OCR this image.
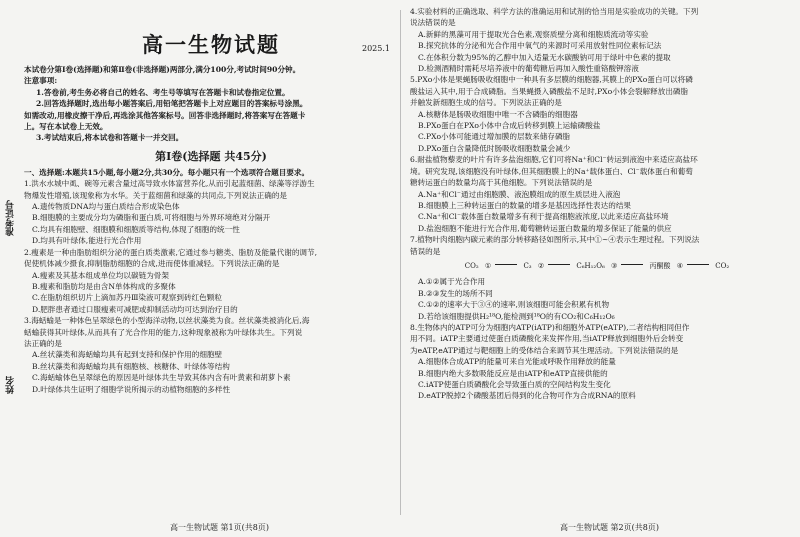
准考证号
姓名
高一生物试题	2025.1
本试卷分第Ⅰ卷(选择题)和第Ⅱ卷(非选择题)两部分,满分100分,考试时间90分钟。
注意事项:
1.答卷前,考生务必将自己的姓名、考生号等填写在答题卡和试卷指定位置。
2.回答选择题时,选出每小题答案后,用铅笔把答题卡上对应题目的答案标号涂黑。
如需改动,用橡皮擦干净后,再选涂其他答案标号。回答非选择题时,将答案写在答题卡
上。写在本试卷上无效。
3.考试结束后,将本试卷和答题卡一并交回。
第Ⅰ卷(选择题 共45分)
一、选择题:本题共15小题,每小题2分,共30分。每小题只有一个选项符合题目要求。
1.洪水水城中虱、碗等元素含量过高导致水体富营养化,从而引起蓝细菌、绿藻等浮游生
物爆发性增殖,该现象称为水华。关于蓝细菌和绿藻的共同点,下列说法正确的是
A.遗传物质DNA均与蛋白质结合形成染色体
B.细胞膜的主要成分均为磷脂和蛋白质,可将细胞与外界环境绝对分隔开
C.均具有细胞壁、细胞膜和细胞质等结构,体现了细胞的统一性
D.均具有叶绿体,能进行光合作用
2.瘦素是一种由脂肪组织分泌的蛋白质类激素,它通过参与糖类、脂肪及能量代谢的调节,
促使机体减少摄食,抑制脂肪细胞的合成,进而使体重减轻。下列说法正确的是
A.瘦素及其基本组成单位均以碳链为骨架
B.瘦素和脂肪均是由含N单体构成的多聚体
C.在脂肪组织切片上滴加苏丹Ⅲ染液可观察到砖红色颗粒
D.肥胖患者通过口服瘦素可减肥或抑制活动均可达到治疗目的
3.海蛞蝓是一种体色呈翠绿色的小型海洋动物,以丝状藻类为食。丝状藻类被消化后,海
蛞蝓获得其叶绿体,从而具有了光合作用的能力,这种现象被称为叶绿体共生。下列说
法正确的是
A.丝状藻类和海蛞蝓均具有起到支持和保护作用的细胞壁
B.丝状藻类和海蛞蝓均具有细胞核、核糖体、叶绿体等结构
C.海蛞蝓体色呈翠绿色的原因是叶绿体共生导致其体内含有叶黄素和胡萝卜素
D.叶绿体共生证明了细胞学说所揭示的动植物细胞的多样性
4.实验材料的正确选取、科学方法的准确运用和试剂的恰当用是实验成功的关键。下列
说法错误的是
A.新鲜的黑藻可用于提取光合色素,观察质壁分离和细胞质流动等实验
B.探究抗体的分泌和光合作用中氧气的来源时可采用放射性同位素标记法
C.在体积分数为95%的乙醇中加入适量无水碳酸钠可用于绿叶中色素的提取
D.检测酒精时需耗尽培养液中的葡萄糖后再加入酸性重铬酸钾溶液
5.PXo小体是果蝇肠吸收细胞中一种具有多层膜的细胞器,其膜上的PXo蛋白可以将磷
酸盐运入其中,用于合成磷脂。当果蝇摄入磷酸盐不足时,PXo小体会裂解释放出磷脂
并触发新细胞生成的信号。下列说法正确的是
A.核糖体是肠吸收细胞中唯一不含磷脂的细胞器
B.PXo蛋白在PXo小体中合成后转移到膜上运输磷酸盐
C.PXo小体可能通过增加膜的层数来储存磷脂
D.PXo蛋白含量降低时肠吸收细胞数量会减少
6.耐盐植物藜麦的叶片有许多盐泡细胞,它们可将Na⁺和Cl⁻转运到液泡中来适应高盐环
境。研究发现,该细胞没有叶绿体,但其细胞膜上的Na⁺载体蛋白、Cl⁻载体蛋白和葡萄
糖转运蛋白的数量均高于其他细胞。下列说法错误的是
A.Na⁺和Cl⁻通过由细胞膜、液泡膜组成的原生质层进入液泡
B.细胞膜上三种转运蛋白的数量的增多是基因选择性表达的结果
C.Na⁺和Cl⁻载体蛋白数量增多有利于提高细胞液浓度,以此来适应高盐环境
D.盐泡细胞不能进行光合作用,葡萄糖转运蛋白数量的增多保证了能量的供应
7.植物叶肉细胞内碳元素的部分转移路径如图所示,其中①~④表示生理过程。下列说法
错误的是
CO₂ ①	C₃ ②	C₆H₁₂O₆ ③	丙酮酸 ④	CO₂
A.①②属于光合作用
B.②③发生的场所不同
C.①②的速率大于③④的速率,则该细胞可能会积累有机物
D.若给该细胞提供H₂¹⁸O,能检测到¹⁸O的有CO₂和C₆H₁₂O₆
8.生物体内的ATP可分为细胞内ATP(iATP)和细胞外ATP(eATP),二者结构相同但作
用不同。iATP主要通过使蛋白质磷酸化来发挥作用,当iATP释放到细胞外后会转变
为eATP,eATP通过与靶细胞上的受体结合来调节其生理活动。下列说法错误的是
A.细胞体合成ATP的能量可来自光能或呼吸作用释放的能量
B.细胞内绝大多数吸能反应是由iATP和eATP直接供能的
C.iATP使蛋白质磷酸化会导致蛋白质的空间结构发生变化
D.eATP脱掉2个磷酸基团后得到的化合物可作为合成RNA的原料
高一生物试题 第1页(共8页)	高一生物试题 第2页(共8页)
